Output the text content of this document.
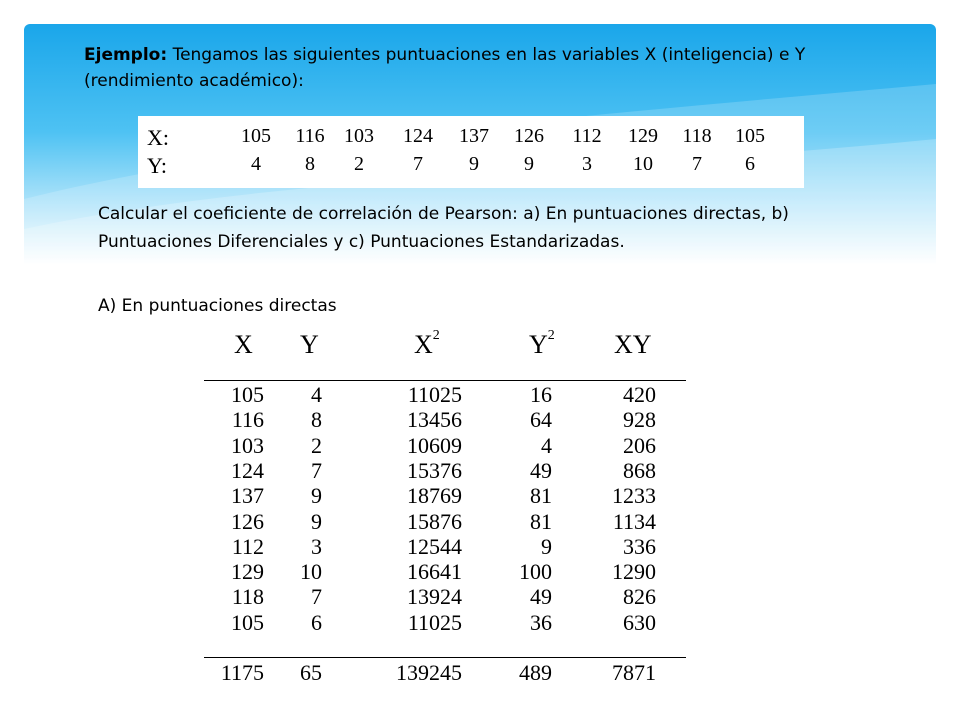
Ejemplo: Tengamos las siguientes puntuaciones en las variables X (inteligencia) e Y (rendimiento académico):
X:	105 116 103 124 137 126 112 129 118 105
Y:	4	8	2	7	9	9	3	10	7	6
Calcular el coeficiente de correlación de Pearson: a) En puntuaciones directas, b) Puntuaciones Diferenciales y c) Puntuaciones Estandarizadas.
A) En puntuaciones directas
X Y	$X^2$	$Y^2$ XY
105 4	11025	16	420
116 8	13456	64	928
103 2	10609	4	206
124 7	15376	49	868
137 9	18769	81	1233
126 9	15876	81	1134
112 3	12544	9	336
129 10	16641	100	1290
118 7	13924	49	826
105 6	11025	36	630
1175 65	139245	489	7871
